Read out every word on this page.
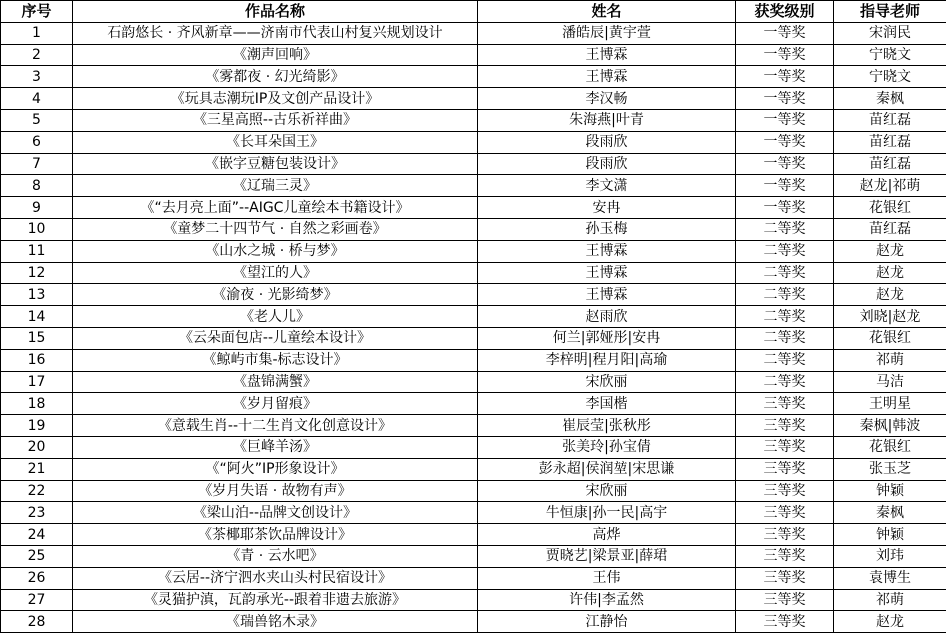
序号	作品名称	姓名	获奖级别	指导老师
1	石韵悠长 · 齐风新章——济南市代表山村复兴规划设计	潘皓辰|黄宇萱	一等奖	宋润民
2	《潮声回响》	王博霖	一等奖	宁晓文
3	《雾都夜 · 幻光绮影》	王博霖	一等奖	宁晓文
4	《玩具志潮玩IP及文创产品设计》	李汉畅	一等奖	秦枫
5	《三星高照--古乐祈祥曲》	朱海燕|叶青	一等奖	苗红磊
6	《长耳朵国王》	段雨欣	一等奖	苗红磊
7	《嵌字豆糖包装设计》	段雨欣	一等奖	苗红磊
8	《辽瑞三灵》	李文潇	一等奖	赵龙|祁萌
9	《“去月亮上面”--AIGC儿童绘本书籍设计》	安冉	一等奖	花银红
10	《童梦二十四节气 · 自然之彩画卷》	孙玉梅	二等奖	苗红磊
11	《山水之城 · 桥与梦》	王博霖	二等奖	赵龙
12	《望江的人》	王博霖	二等奖	赵龙
13	《渝夜 · 光影绮梦》	王博霖	二等奖	赵龙
14	《老人儿》	赵雨欣	二等奖	刘晓|赵龙
15	《云朵面包店--儿童绘本设计》	何兰|郭娅彤|安冉	二等奖	花银红
16	《鲸屿市集-标志设计》	李梓明|程月阳|高瑜	二等奖	祁萌
17	《盘锦满蟹》	宋欣丽	二等奖	马洁
18	《岁月留痕》	李国楷	三等奖	王明星
19	《意载生肖--十二生肖文化创意设计》	崔辰莹|张秋彤	三等奖	秦枫|韩波
20	《巨峰羊汤》	张美玲|孙宝倩	三等奖	花银红
21	《“阿火”IP形象设计》	彭永超|侯润堃|宋思谦	三等奖	张玉芝
22	《岁月失语 · 故物有声》	宋欣丽	三等奖	钟颖
23	《梁山泊--品牌文创设计》	牛恒康|孙一民|高宇	三等奖	秦枫
24	《茶椰耶茶饮品牌设计》	高烨	三等奖	钟颖
25	《青 · 云水吧》	贾晓艺|梁景亚|薛珺	三等奖	刘玮
26	《云居--济宁泗水夹山头村民宿设计》	王伟	三等奖	袁博生
27	《灵猫护滇，瓦韵承光--跟着非遗去旅游》	许伟|李孟然	三等奖	祁萌
28	《瑞兽铭木录》	江静怡	三等奖	赵龙
